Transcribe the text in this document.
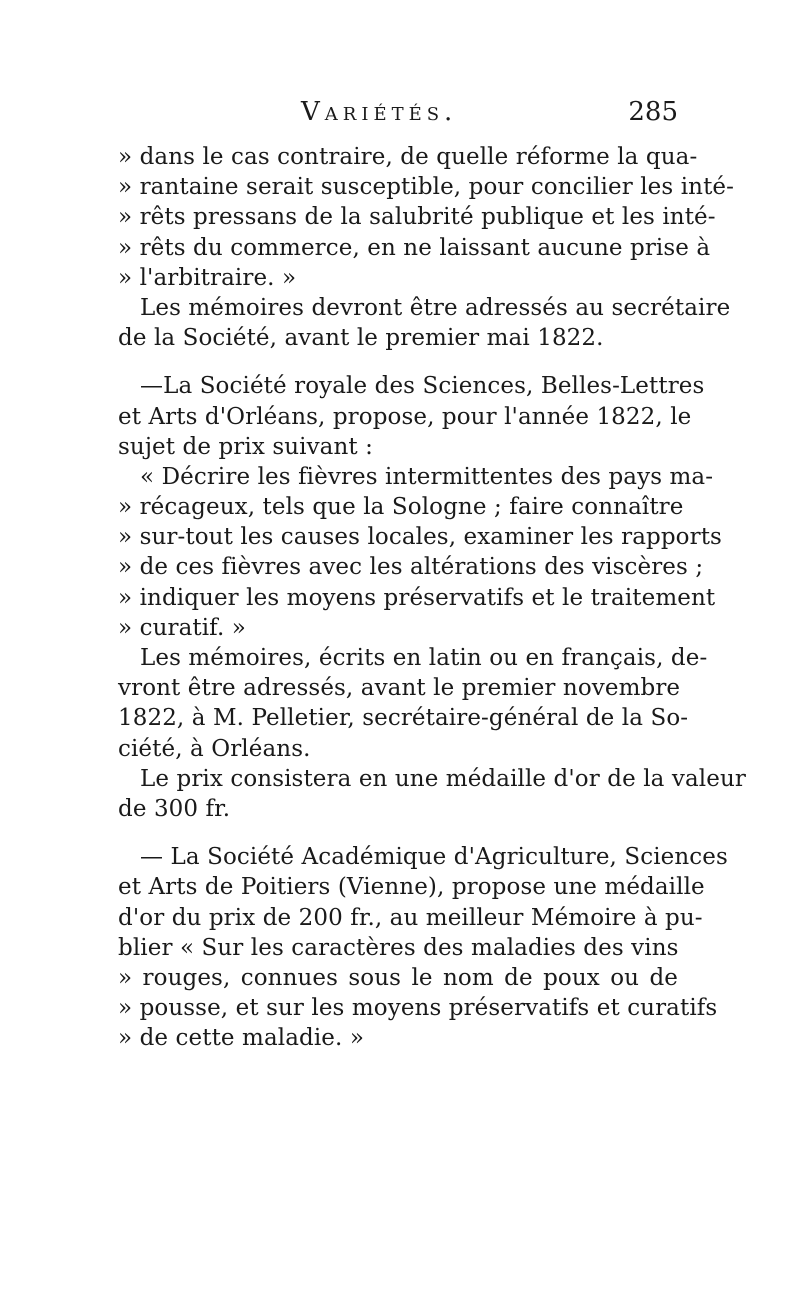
Variétés.	285
» dans le cas contraire, de quelle réforme la qua-
» rantaine serait susceptible, pour concilier les inté-
» rêts pressans de la salubrité publique et les inté-
» rêts du commerce, en ne laissant aucune prise à
» l'arbitraire. »
Les mémoires devront être adressés au secrétaire
de la Société, avant le premier mai 1822.
—La Société royale des Sciences, Belles-Lettres
et Arts d'Orléans, propose, pour l'année 1822, le
sujet de prix suivant :
« Décrire les fièvres intermittentes des pays ma-
» récageux, tels que la Sologne ; faire connaître
» sur-tout les causes locales, examiner les rapports
» de ces fièvres avec les altérations des viscères ;
» indiquer les moyens préservatifs et le traitement
» curatif. »
Les mémoires, écrits en latin ou en français, de-
vront être adressés, avant le premier novembre
1822, à M. Pelletier, secrétaire-général de la So-
ciété, à Orléans.
Le prix consistera en une médaille d'or de la valeur
de 300 fr.
— La Société Académique d'Agriculture, Sciences
et Arts de Poitiers (Vienne), propose une médaille
d'or du prix de 200 fr., au meilleur Mémoire à pu-
blier « Sur les caractères des maladies des vins
» rouges, connues sous le nom de poux ou de
» pousse, et sur les moyens préservatifs et curatifs
» de cette maladie. »
